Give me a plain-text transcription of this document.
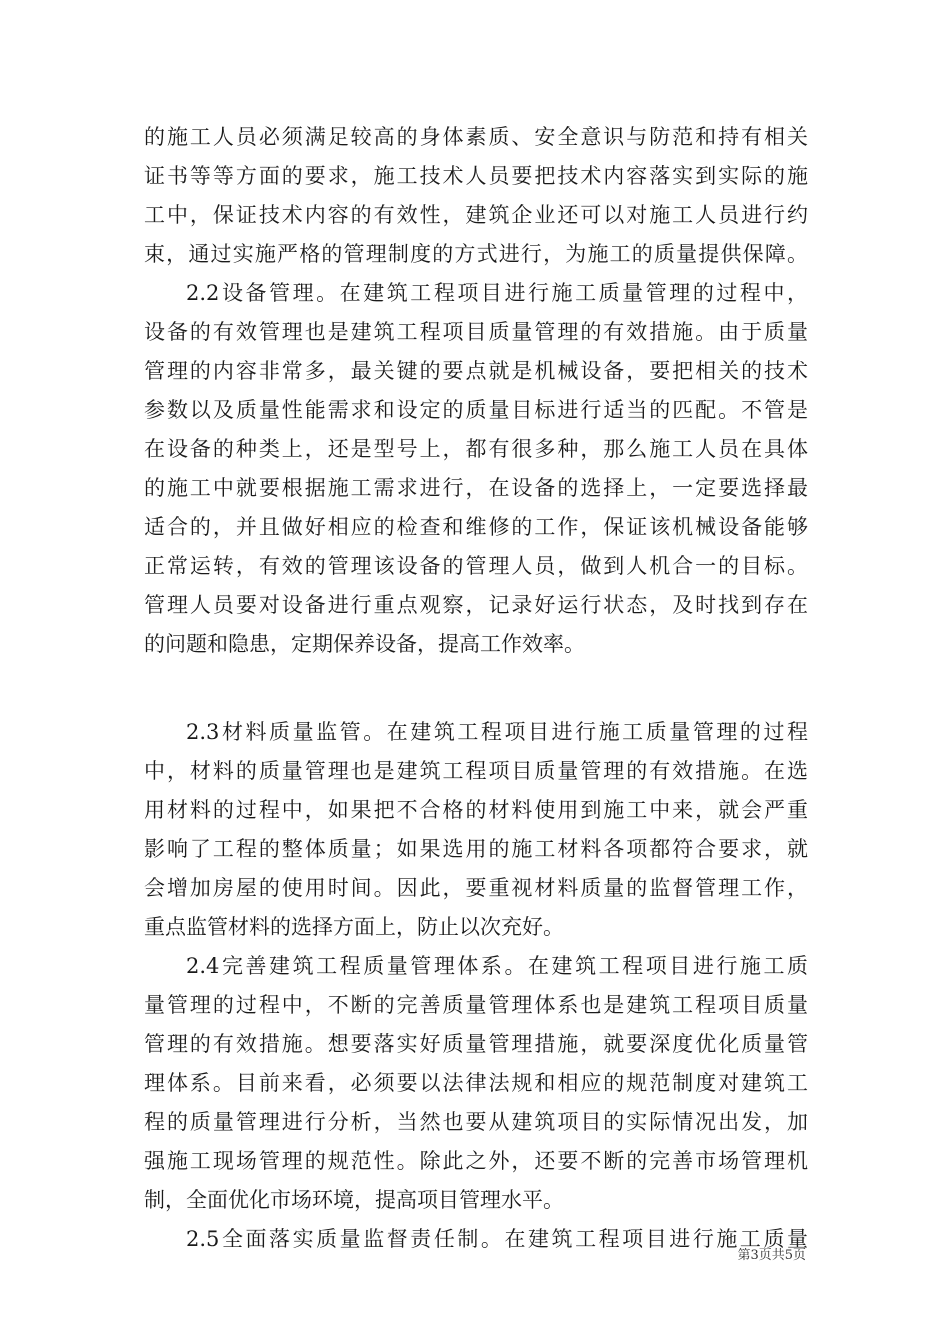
的施工人员必须满足较高的身体素质、安全意识与防范和持有相关
证书等等方面的要求，施工技术人员要把技术内容落实到实际的施
工中，保证技术内容的有效性，建筑企业还可以对施工人员进行约
束，通过实施严格的管理制度的方式进行，为施工的质量提供保障。
2.2设备管理。在建筑工程项目进行施工质量管理的过程中，
设备的有效管理也是建筑工程项目质量管理的有效措施。由于质量
管理的内容非常多，最关键的要点就是机械设备，要把相关的技术
参数以及质量性能需求和设定的质量目标进行适当的匹配。不管是
在设备的种类上，还是型号上，都有很多种，那么施工人员在具体
的施工中就要根据施工需求进行，在设备的选择上，一定要选择最
适合的，并且做好相应的检查和维修的工作，保证该机械设备能够
正常运转，有效的管理该设备的管理人员，做到人机合一的目标。
管理人员要对设备进行重点观察，记录好运行状态，及时找到存在
的问题和隐患，定期保养设备，提高工作效率。
2.3材料质量监管。在建筑工程项目进行施工质量管理的过程
中，材料的质量管理也是建筑工程项目质量管理的有效措施。在选
用材料的过程中，如果把不合格的材料使用到施工中来，就会严重
影响了工程的整体质量；如果选用的施工材料各项都符合要求，就
会增加房屋的使用时间。因此，要重视材料质量的监督管理工作，
重点监管材料的选择方面上，防止以次充好。
2.4完善建筑工程质量管理体系。在建筑工程项目进行施工质
量管理的过程中，不断的完善质量管理体系也是建筑工程项目质量
管理的有效措施。想要落实好质量管理措施，就要深度优化质量管
理体系。目前来看，必须要以法律法规和相应的规范制度对建筑工
程的质量管理进行分析，当然也要从建筑项目的实际情况出发，加
强施工现场管理的规范性。除此之外，还要不断的完善市场管理机
制，全面优化市场环境，提高项目管理水平。
2.5全面落实质量监督责任制。在建筑工程项目进行施工质量
第3页共5页
